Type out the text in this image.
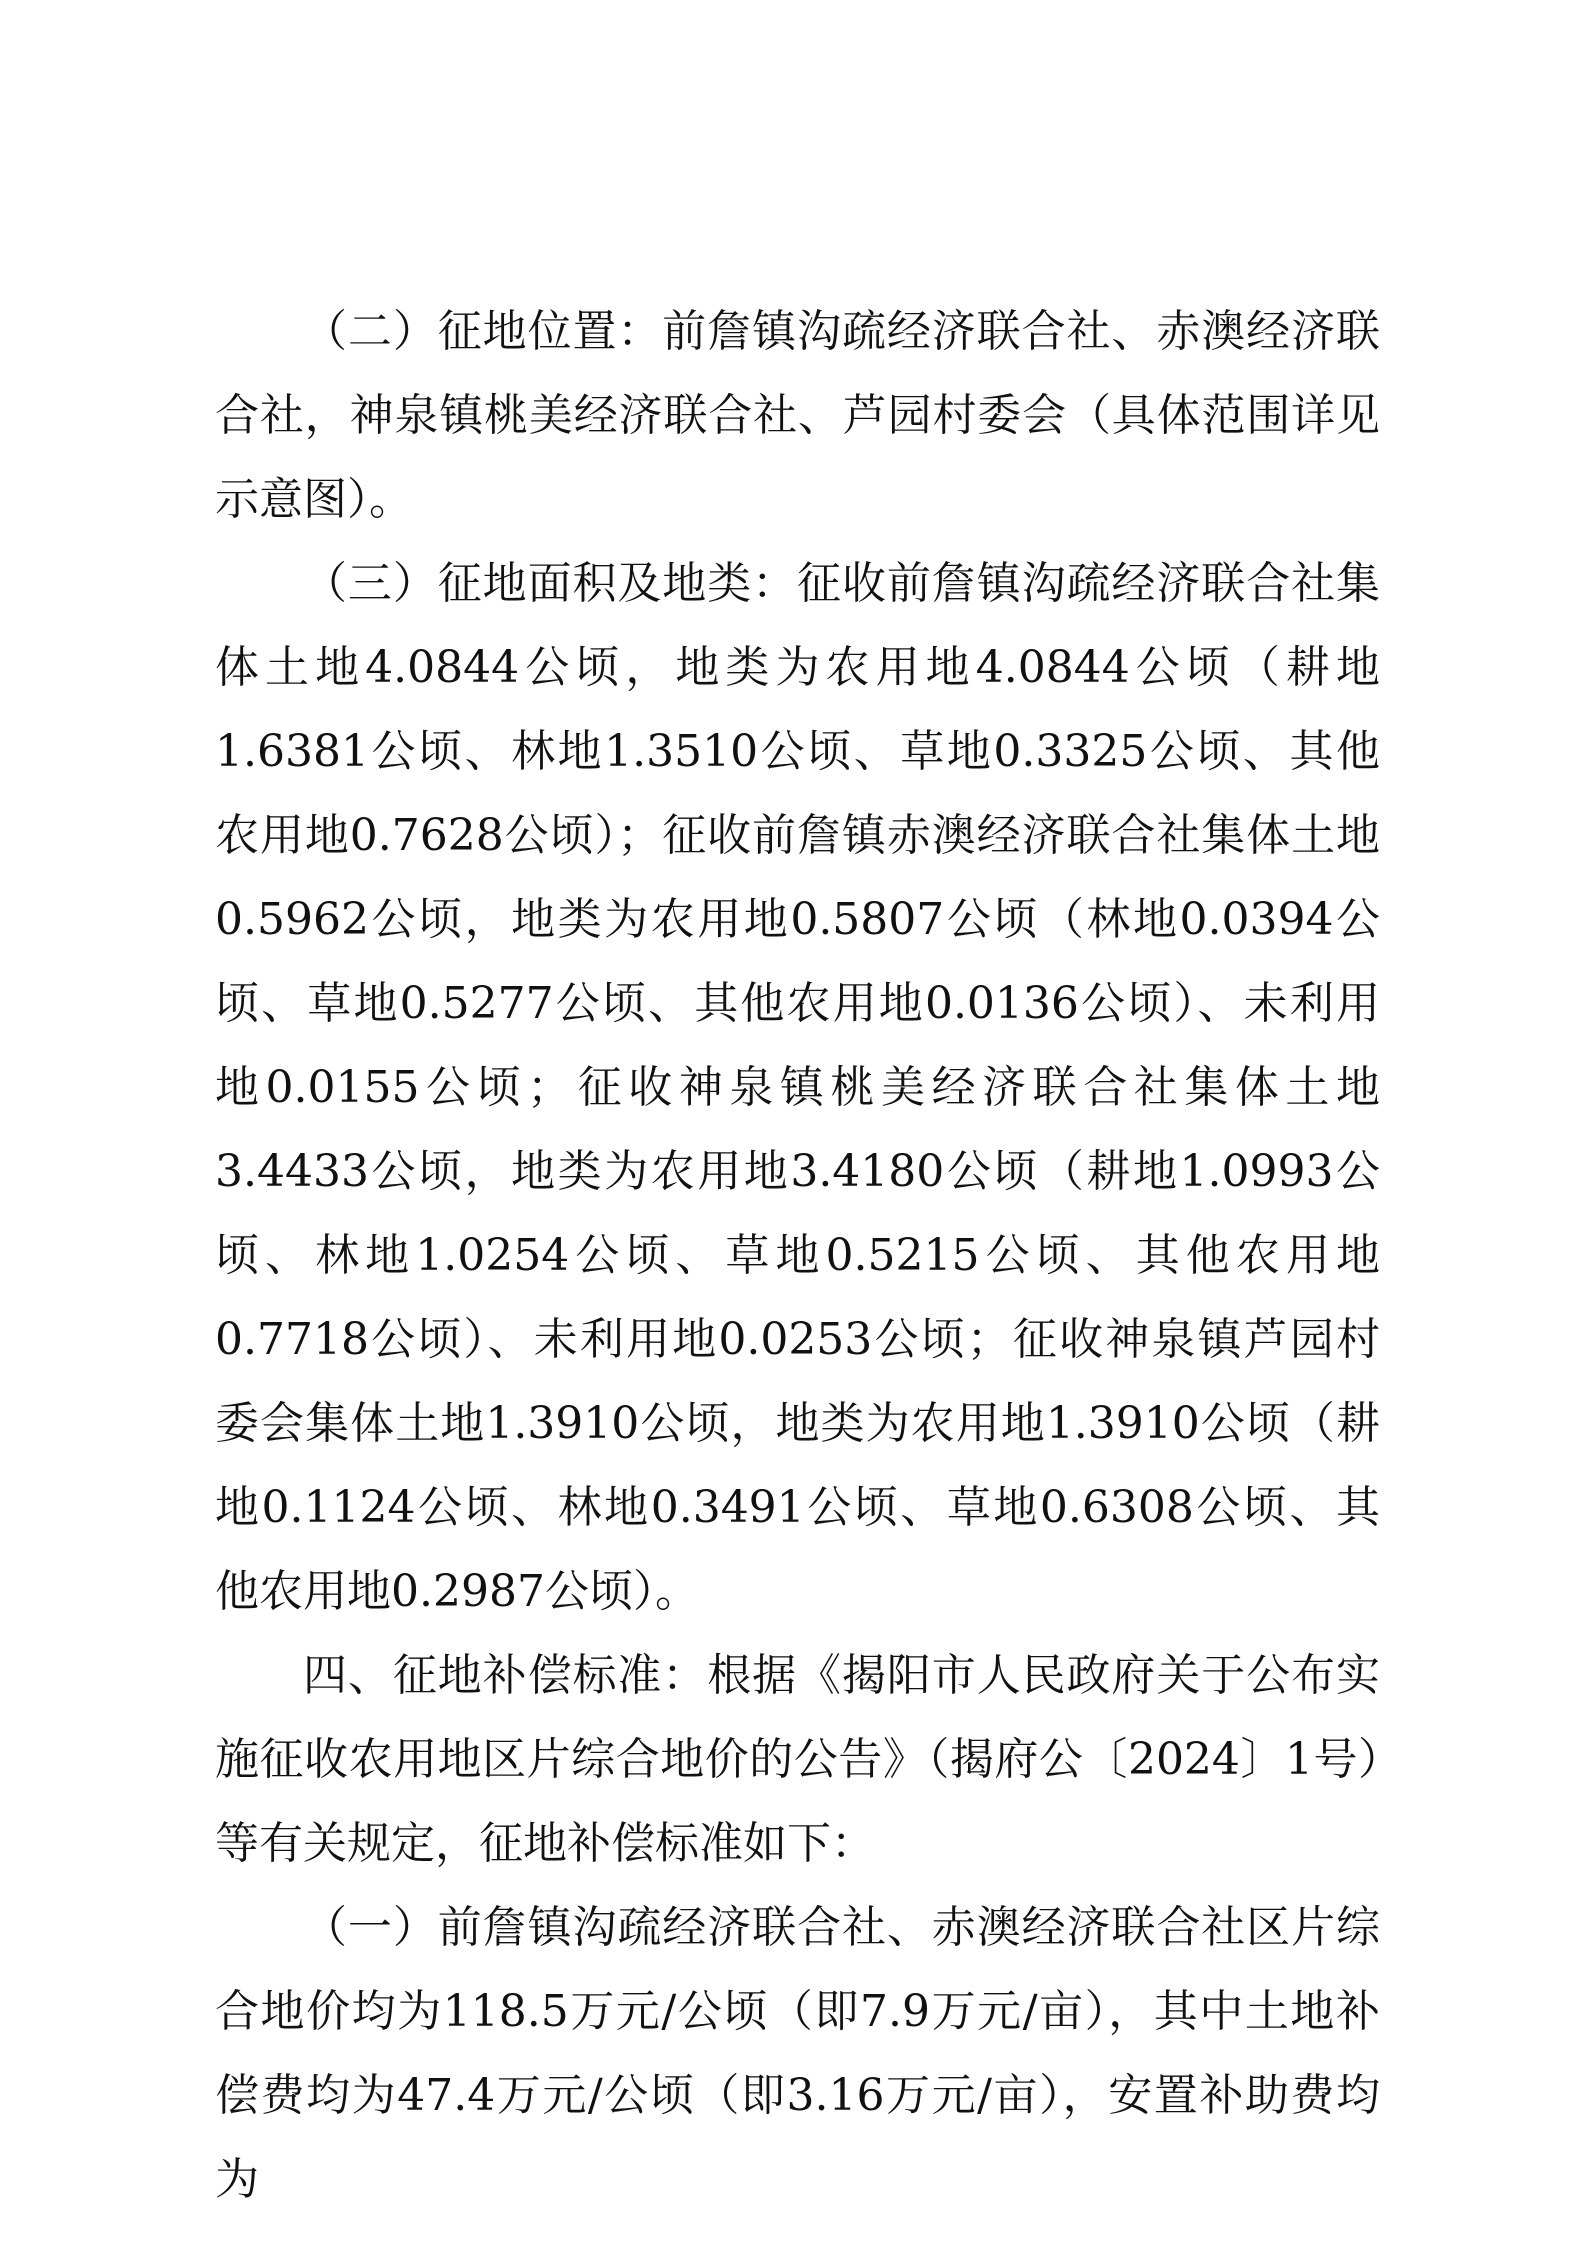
（二）征地位置：前詹镇沟疏经济联合社、赤澳经济联合社，神泉镇桃美经济联合社、芦园村委会（具体范围详见示意图）。

（三）征地面积及地类：征收前詹镇沟疏经济联合社集体土地4.0844公顷，地类为农用地4.0844公顷（耕地1.6381公顷、林地1.3510公顷、草地0.3325公顷、其他农用地0.7628公顷）；征收前詹镇赤澳经济联合社集体土地0.5962公顷，地类为农用地0.5807公顷（林地0.0394公顷、草地0.5277公顷、其他农用地0.0136公顷）、未利用地0.0155公顷；征收神泉镇桃美经济联合社集体土地3.4433公顷，地类为农用地3.4180公顷（耕地1.0993公顷、林地1.0254公顷、草地0.5215公顷、其他农用地0.7718公顷）、未利用地0.0253公顷；征收神泉镇芦园村委会集体土地1.3910公顷，地类为农用地1.3910公顷（耕地0.1124公顷、林地0.3491公顷、草地0.6308公顷、其他农用地0.2987公顷）。

四、征地补偿标准：根据《揭阳市人民政府关于公布实施征收农用地区片综合地价的公告》（揭府公〔2024〕1号）等有关规定，征地补偿标准如下：

（一）前詹镇沟疏经济联合社、赤澳经济联合社区片综合地价均为118.5万元/公顷（即7.9万元/亩），其中土地补偿费均为47.4万元/公顷（即3.16万元/亩），安置补助费均为
